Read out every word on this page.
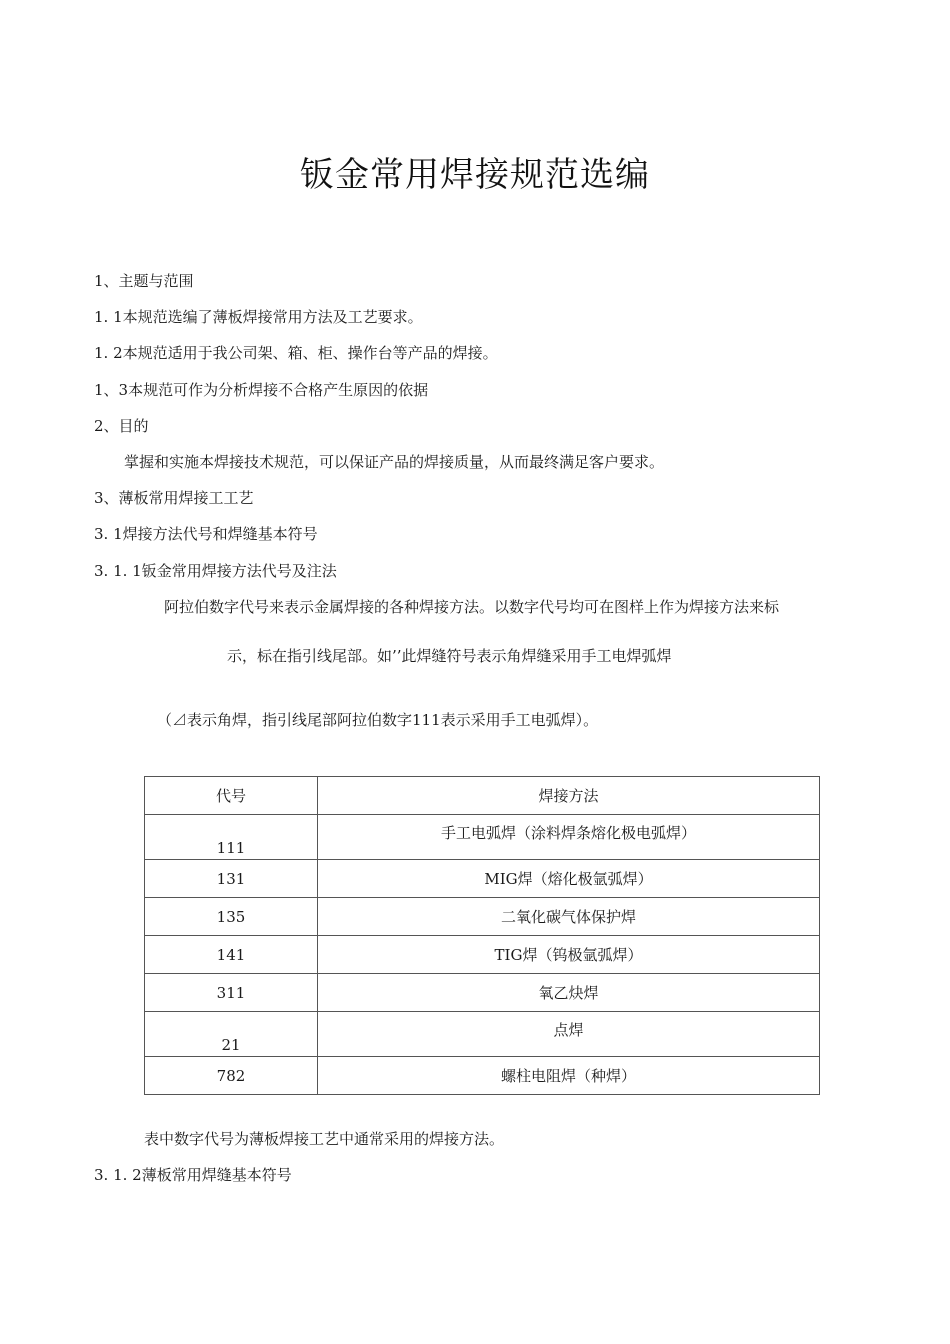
钣金常用焊接规范选编

1、主题与范围

1. 1本规范选编了薄板焊接常用方法及工艺要求。

1. 2本规范适用于我公司架、箱、柜、操作台等产品的焊接。

1、3本规范可作为分析焊接不合格产生原因的依据

2、目的

掌握和实施本焊接技术规范，可以保证产品的焊接质量，从而最终满足客户要求。

3、薄板常用焊接工工艺

3. 1焊接方法代号和焊缝基本符号

3. 1. 1钣金常用焊接方法代号及注法

阿拉伯数字代号来表示金属焊接的各种焊接方法。以数字代号均可在图样上作为焊接方法来标

示，标在指引线尾部。如’’此焊缝符号表示角焊缝采用手工电焊弧焊

（⊿表示角焊，指引线尾部阿拉伯数字111表示采用手工电弧焊）。

代号	焊接方法
111	手工电弧焊（涂料焊条熔化极电弧焊）
131	MIG焊（熔化极氩弧焊）
135	二氧化碳气体保护焊
141	TIG焊（钨极氩弧焊）
311	氧乙炔焊
21	点焊
782	螺柱电阻焊（种焊）

表中数字代号为薄板焊接工艺中通常采用的焊接方法。

3. 1. 2薄板常用焊缝基本符号
